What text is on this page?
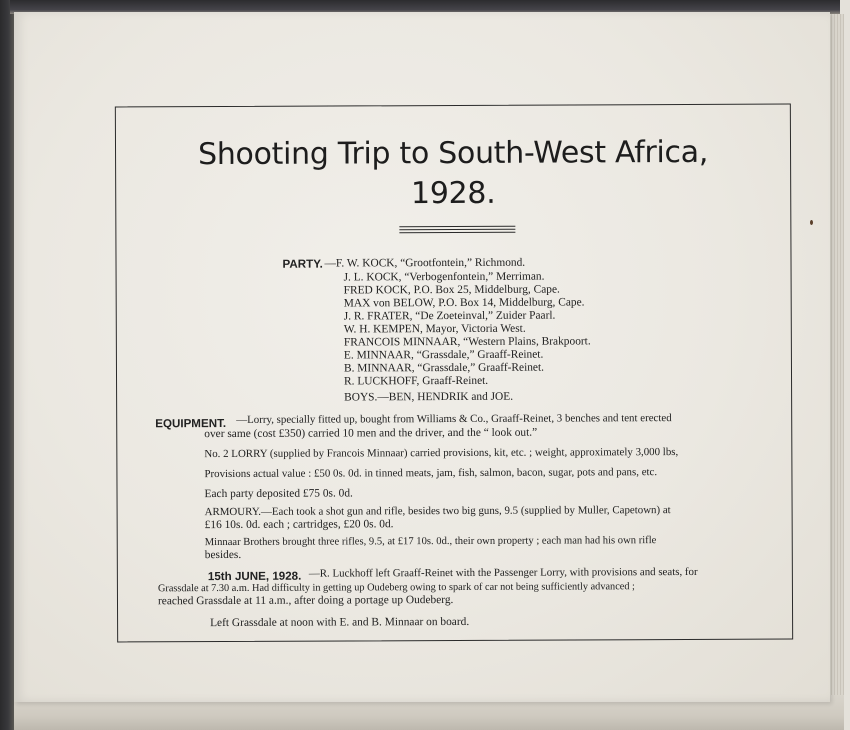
Shooting Trip to South-West Africa,
1928.
PARTY. —F. W. KOCK, “Grootfontein,” Richmond.
J. L. KOCK, “Verbogenfontein,” Merriman.
FRED KOCK, P.O. Box 25, Middelburg, Cape.
MAX von BELOW, P.O. Box 14, Middelburg, Cape.
J. R. FRATER, “De Zoeteinval,” Zuider Paarl.
W. H. KEMPEN, Mayor, Victoria West.
FRANCOIS MINNAAR, “Western Plains, Brakpoort.
E. MINNAAR, “Grassdale,” Graaff-Reinet.
B. MINNAAR, “Grassdale,” Graaff-Reinet.
R. LUCKHOFF, Graaff-Reinet.
BOYS.—BEN, HENDRIK and JOE.
EQUIPMENT. —Lorry, specially fitted up, bought from Williams & Co., Graaff-Reinet, 3 benches and tent erected
over same (cost £350) carried 10 men and the driver, and the “ look out.”
No. 2 LORRY (supplied by Francois Minnaar) carried provisions, kit, etc. ; weight, approximately 3,000 lbs,
Provisions actual value : £50 0s. 0d. in tinned meats, jam, fish, salmon, bacon, sugar, pots and pans, etc.
Each party deposited £75 0s. 0d.
ARMOURY.—Each took a shot gun and rifle, besides two big guns, 9.5 (supplied by Muller, Capetown) at
£16 10s. 0d. each ; cartridges, £20 0s. 0d.
Minnaar Brothers brought three rifles, 9.5, at £17 10s. 0d., their own property ; each man had his own rifle
besides.
15th JUNE, 1928. —R. Luckhoff left Graaff-Reinet with the Passenger Lorry, with provisions and seats, for
Grassdale at 7.30 a.m. Had difficulty in getting up Oudeberg owing to spark of car not being sufficiently advanced ;
reached Grassdale at 11 a.m., after doing a portage up Oudeberg.
Left Grassdale at noon with E. and B. Minnaar on board.
